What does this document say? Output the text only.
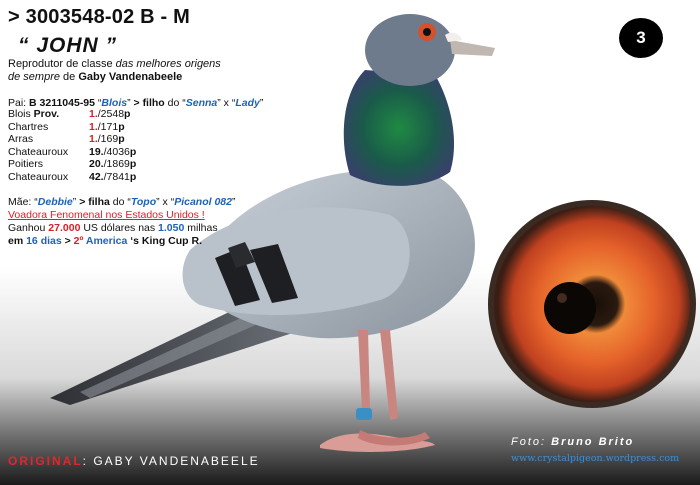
> 3003548-02 B - M
“ JOHN ”	3
Reprodutor de classe das melhores origens
de sempre de Gaby Vandenabeele
Pai: B 3211045-95 “Blois” > filho do “Senna” x “Lady”
Blois Prov.	1./2548p
Chartres	1./171p
Arras	1./169p
Chateauroux	19./4036p
Poitiers	20./1869p
Chateauroux	42./7841p
Mãe: “Debbie” > filha do “Topo” x “Picanol 082”
Voadora Fenomenal nos Estados Unidos !
Ganhou 27.000 US dólares nas 1.050 milhas
em 16 dias > 2º America ‘s King Cup R.
ORIGINAL: GABY VANDENABEELE
Foto: Bruno Brito
www.crystalpigeon.wordpress.com
